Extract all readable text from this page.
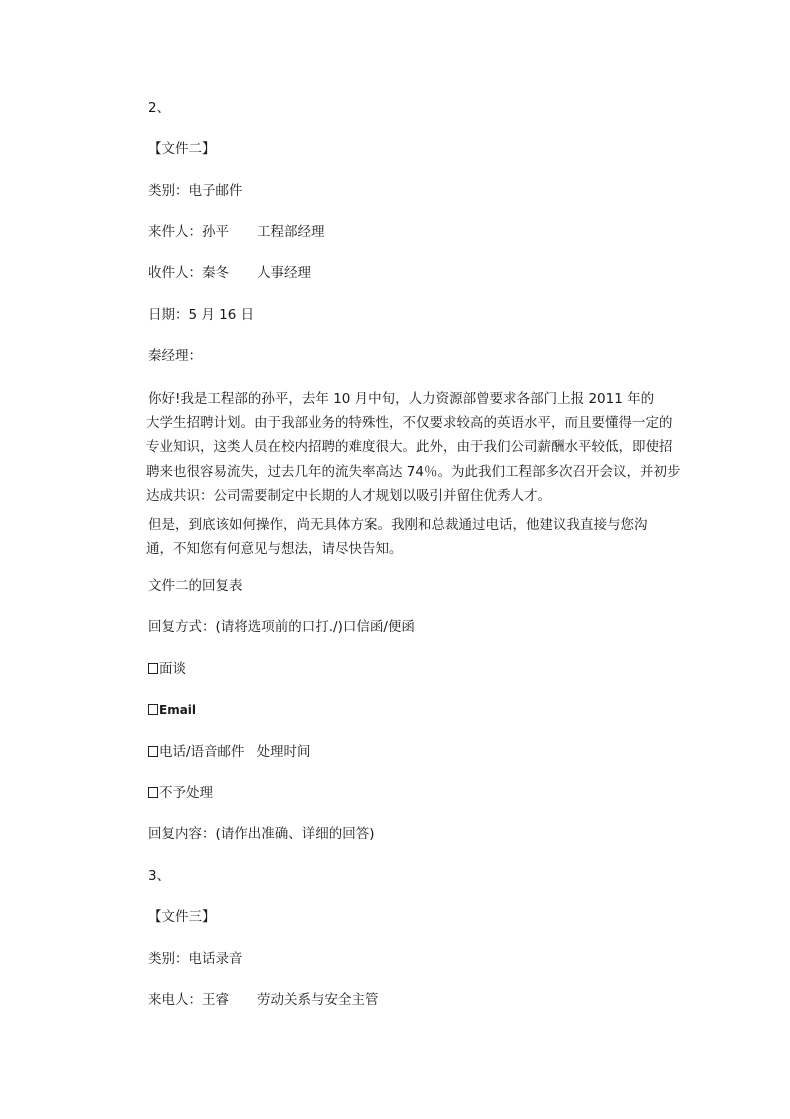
2、
【文件二】
类别：电子邮件
来件人：孙平 工程部经理
收件人：秦冬 人事经理
日期：5 月 16 日
秦经理：
你好!我是工程部的孙平，去年 10 月中旬，人力资源部曾要求各部门上报 2011 年的
大学生招聘计划。由于我部业务的特殊性，不仅要求较高的英语水平，而且要懂得一定的
专业知识，这类人员在校内招聘的难度很大。此外，由于我们公司薪酬水平较低，即使招
聘来也很容易流失，过去几年的流失率高达 74％。为此我们工程部多次召开会议，并初步
达成共识：公司需要制定中长期的人才规划以吸引并留住优秀人才。
但是，到底该如何操作，尚无具体方案。我刚和总裁通过电话，他建议我直接与您沟
通，不知您有何意见与想法，请尽快告知。
文件二的回复表
回复方式：(请将选项前的口打.∕)口信函/便函
面谈
Email
电话/语音邮件 处理时间
不予处理
回复内容：(请作出准确、详细的回答)
3、
【文件三】
类别：电话录音
来电人：王睿 劳动关系与安全主管
